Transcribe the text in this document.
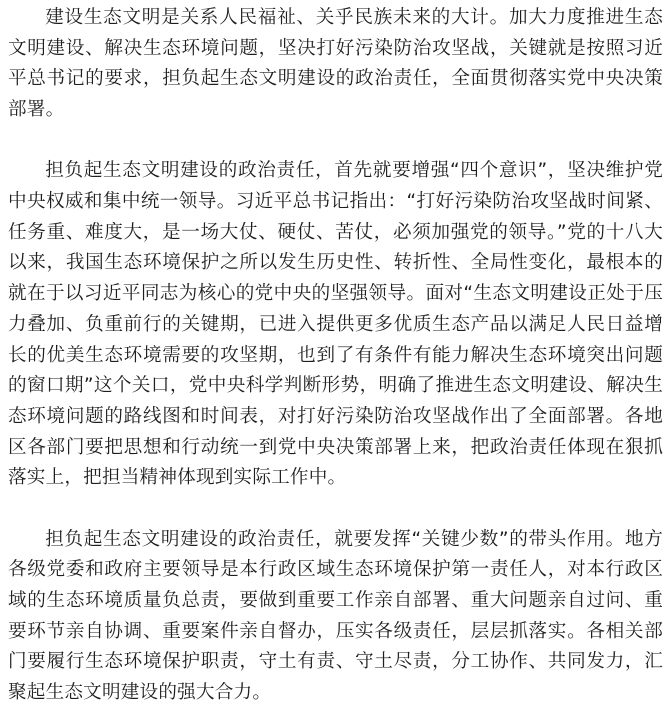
建设生态文明是关系人民福祉、关乎民族未来的大计。加大力度推进生态文明建设、解决生态环境问题，坚决打好污染防治攻坚战，关键就是按照习近平总书记的要求，担负起生态文明建设的政治责任，全面贯彻落实党中央决策部署。

担负起生态文明建设的政治责任，首先就要增强“四个意识”，坚决维护党中央权威和集中统一领导。习近平总书记指出：“打好污染防治攻坚战时间紧、任务重、难度大，是一场大仗、硬仗、苦仗，必须加强党的领导。”党的十八大以来，我国生态环境保护之所以发生历史性、转折性、全局性变化，最根本的就在于以习近平同志为核心的党中央的坚强领导。面对“生态文明建设正处于压力叠加、负重前行的关键期，已进入提供更多优质生态产品以满足人民日益增长的优美生态环境需要的攻坚期，也到了有条件有能力解决生态环境突出问题的窗口期”这个关口，党中央科学判断形势，明确了推进生态文明建设、解决生态环境问题的路线图和时间表，对打好污染防治攻坚战作出了全面部署。各地区各部门要把思想和行动统一到党中央决策部署上来，把政治责任体现在狠抓落实上，把担当精神体现到实际工作中。

担负起生态文明建设的政治责任，就要发挥“关键少数”的带头作用。地方各级党委和政府主要领导是本行政区域生态环境保护第一责任人，对本行政区域的生态环境质量负总责，要做到重要工作亲自部署、重大问题亲自过问、重要环节亲自协调、重要案件亲自督办，压实各级责任，层层抓落实。各相关部门要履行生态环境保护职责，守土有责、守土尽责，分工协作、共同发力，汇聚起生态文明建设的强大合力。
